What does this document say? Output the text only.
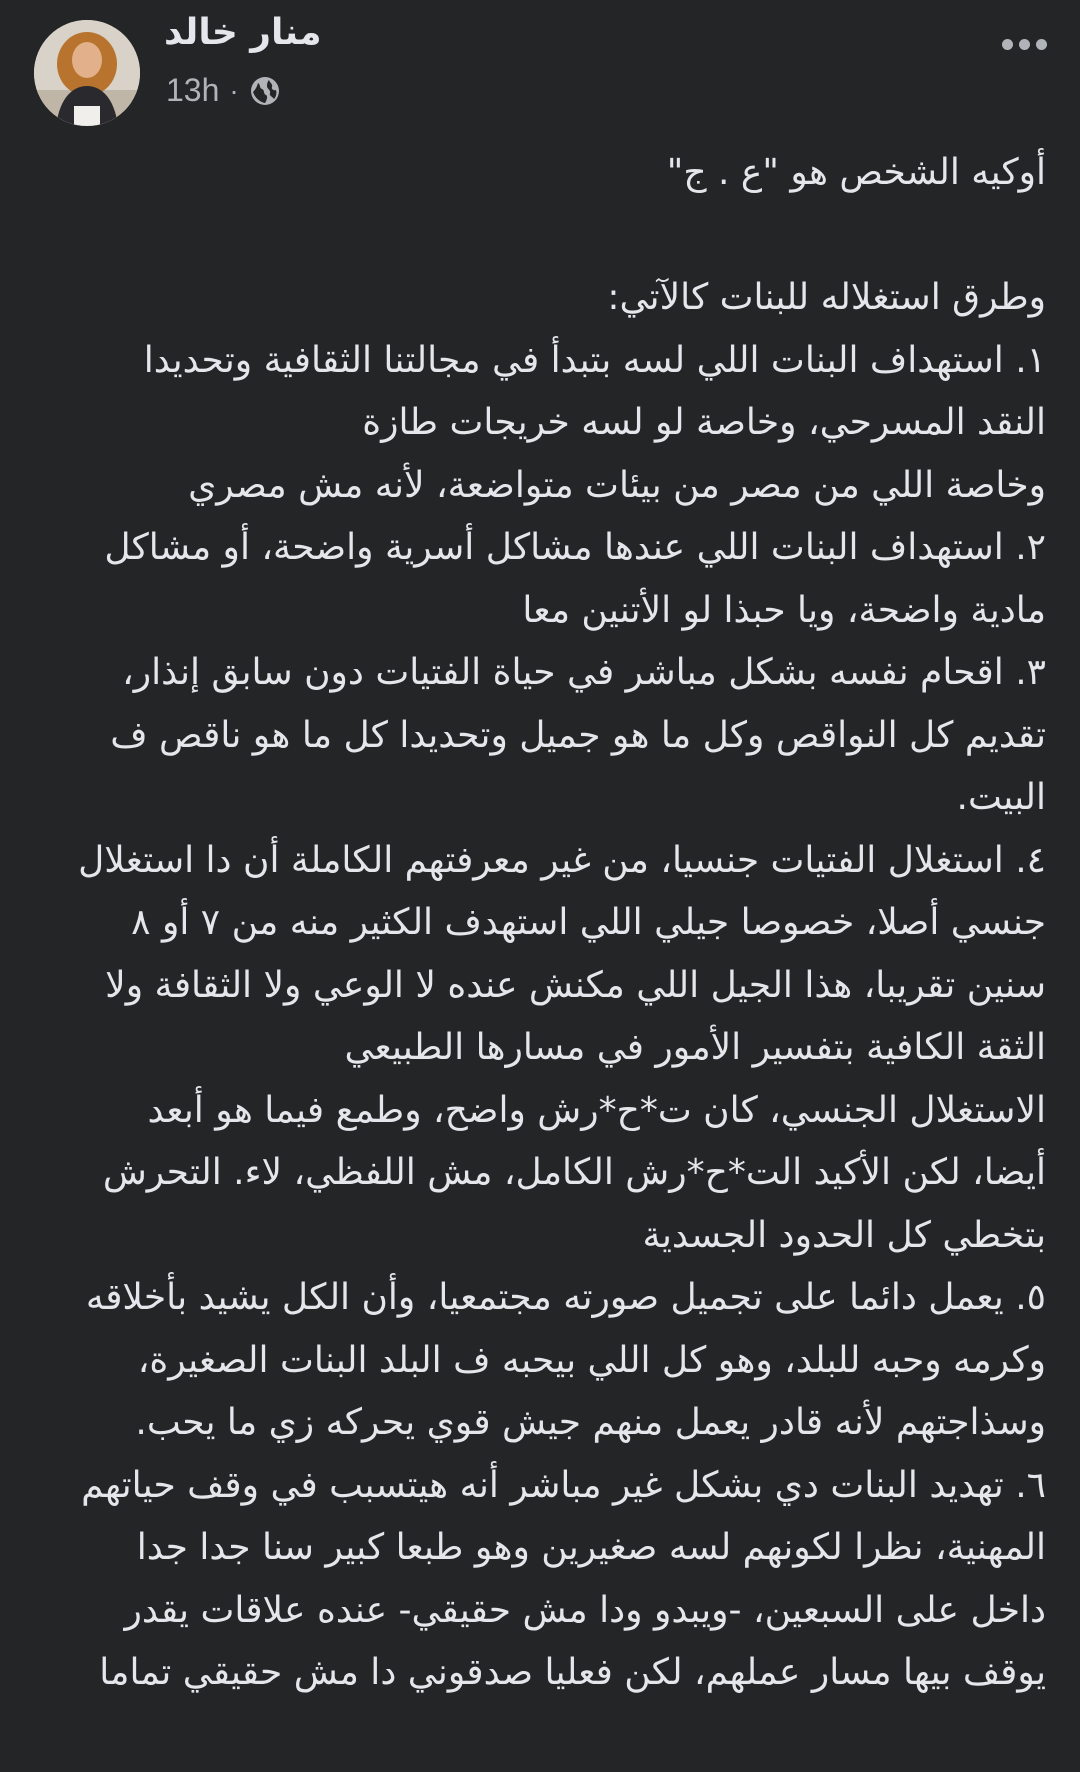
منار خالد
13h ·

أوكيه الشخص هو "ع . ج"

وطرق استغلاله للبنات كالآتي:

١. استهداف البنات اللي لسه بتبدأ في مجالتنا الثقافية وتحديدا

النقد المسرحي، وخاصة لو لسه خريجات طازة

وخاصة اللي من مصر من بيئات متواضعة، لأنه مش مصري

٢. استهداف البنات اللي عندها مشاكل أسرية واضحة، أو مشاكل

مادية واضحة، ويا حبذا لو الأتنين معا

٣. اقحام نفسه بشكل مباشر في حياة الفتيات دون سابق إنذار،

تقديم كل النواقص وكل ما هو جميل وتحديدا كل ما هو ناقص ف

البيت.

٤. استغلال الفتيات جنسيا، من غير معرفتهم الكاملة أن دا استغلال

جنسي أصلا، خصوصا جيلي اللي استهدف الكثير منه من ٧ أو ٨

سنين تقريبا، هذا الجيل اللي مكنش عنده لا الوعي ولا الثقافة ولا

الثقة الكافية بتفسير الأمور في مسارها الطبيعي

الاستغلال الجنسي، كان ت*ح*رش واضح، وطمع فيما هو أبعد

أيضا، لكن الأكيد الت*ح*رش الكامل، مش اللفظي، لاء. التحرش

بتخطي كل الحدود الجسدية

٥. يعمل دائما على تجميل صورته مجتمعيا، وأن الكل يشيد بأخلاقه

وكرمه وحبه للبلد، وهو كل اللي بيحبه ف البلد البنات الصغيرة،

وسذاجتهم لأنه قادر يعمل منهم جيش قوي يحركه زي ما يحب.

٦. تهديد البنات دي بشكل غير مباشر أنه هيتسبب في وقف حياتهم

المهنية، نظرا لكونهم لسه صغيرين وهو طبعا كبير سنا جدا جدا

داخل على السبعين، -ويبدو ودا مش حقيقي- عنده علاقات يقدر

يوقف بيها مسار عملهم، لكن فعليا صدقوني دا مش حقيقي تماما
